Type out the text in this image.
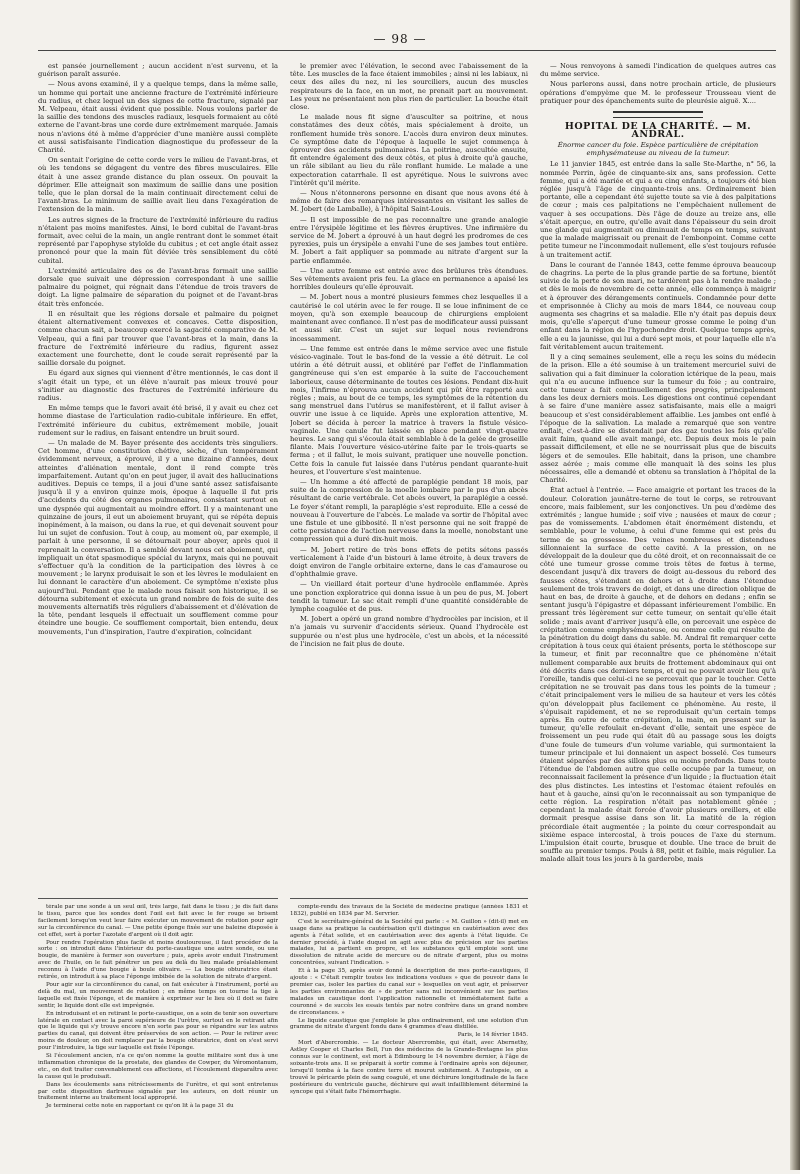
— 98 —

est pansée journellement ; aucun accident n'est survenu, et la guérison paraît assurée.

— Nous avons examiné, il y a quelque temps, dans la même salle, un homme qui portait une ancienne fracture de l'extrémité inférieure du radius, et chez lequel un des signes de cette fracture, signalé par M. Velpeau, était aussi évident que possible. Nous voulons parler de la saillie des tendons des muscles radiaux, lesquels formaient au côté externe de l'avant-bras une corde dure extrêmement marquée. Jamais nous n'avions été à même d'apprécier d'une manière aussi complète et aussi satisfaisante l'indication diagnostique du professeur de la Charité.

On sentait l'origine de cette corde vers le milieu de l'avant-bras, et où les tendons se dégagent du ventre des fibres musculaires. Elle était à une assez grande distance du plan osseux. On pouvait la déprimer. Elle atteignait son maximum de saillie dans une position telle, que le plan dorsal de la main continuait directement celui de l'avant-bras. Le minimum de saillie avait lieu dans l'exagération de l'extension de la main.

Les autres signes de la fracture de l'extrémité inférieure du radius n'étaient pas moins manifestes. Ainsi, le bord cubital de l'avant-bras formait, avec celui de la main, un angle rentrant dont le sommet était représenté par l'apophyse styloïde du cubitus ; et cet angle était assez prononcé pour que la main fût déviée très sensiblement du côté cubital.

L'extrémité articulaire des os de l'avant-bras formait une saillie dorsale que suivait une dépression correspondant à une saillie palmaire du poignet, qui régnait dans l'étendue de trois travers de doigt. La ligne palmaire de séparation du poignet et de l'avant-bras était très enfoncée.

Il en résultait que les régions dorsale et palmaire du poignet étaient alternativement convexes et concaves. Cette disposition, comme chacun sait, a beaucoup exercé la sagacité comparative de M. Velpeau, qui a fini par trouver que l'avant-bras et la main, dans la fracture de l'extrémité inférieure du radius, figurent assez exactement une fourchette, dont le coude serait représenté par la saillie dorsale du poignet.

Eu égard aux signes qui viennent d'être mentionnés, le cas dont il s'agit était un type, et un élève n'aurait pas mieux trouvé pour s'initier au diagnostic des fractures de l'extrémité inférieure du radius.

En même temps que le favori avait été brisé, il y avait eu chez cet homme diastase de l'articulation radio-cubitale inférieure. En effet, l'extrémité inférieure du cubitus, extrêmement mobile, jouait rudement sur le radius, en faisant entendre un bruit sourd.

— Un malade de M. Bayer présente des accidents très singuliers. Cet homme, d'une constitution chétive, sèche, d'un tempérament évidemment nerveux, a éprouvé, il y a une dizaine d'années, deux atteintes d'aliénation mentale, dont il rend compte très imparfaitement. Autant qu'on en peut juger, il avait des hallucinations auditives. Depuis ce temps, il a joui d'une santé assez satisfaisante jusqu'à il y a environ quinze mois, époque à laquelle il fut pris d'accidents du côté des organes pulmonaires, consistant surtout en une dyspnée qui augmentait au moindre effort. Il y a maintenant une quinzaine de jours, il eut un aboiement bruyant, qui se répéta depuis inopinément, à la maison, ou dans la rue, et qui devenait souvent pour lui un sujet de confusion. Tout à coup, au moment où, par exemple, il parlait à une personne, il se détournait pour aboyer, après quoi il reprenait la conversation. Il a semblé devant nous cet aboiement, qui impliquait un état spasmodique spécial du larynx, mais qui ne pouvait s'effectuer qu'à la condition de la participation des lèvres à ce mouvement ; le larynx produisait le son et les lèvres le modulaient en lui donnant le caractère d'un aboiement. Ce symptôme n'existe plus aujourd'hui. Pendant que le malade nous faisait son historique, il se détourna subitement et exécuta un grand nombre de fois de suite des mouvements alternatifs très réguliers d'abaissement et d'élévation de la tête, pendant lesquels il effectuait un soufflement comme pour éteindre une bougie. Ce soufflement comportait, bien entendu, deux mouvements, l'un d'inspiration, l'autre d'expiration, coïncidant

le premier avec l'élévation, le second avec l'abaissement de la tête. Les muscles de la face étaient immobiles ; ainsi ni les labiaux, ni ceux des ailes du nez, ni les sourciliers, aucun des muscles respirateurs de la face, en un mot, ne prenait part au mouvement. Les yeux ne présentaient non plus rien de particulier. La bouche était close.

Le malade nous fit signe d'ausculter sa poitrine, et nous constatâmes des deux côtés, mais spécialement à droite, un ronflement humide très sonore. L'accès dura environ deux minutes. Ce symptôme date de l'époque à laquelle le sujet commença à éprouver des accidents pulmonaires. La poitrine, auscultée ensuite, fit entendre également des deux côtés, et plus à droite qu'à gauche, un râle sibilant au lieu du râle ronflant humide. Le malade a une expectoration catarrhale. Il est apyrétique. Nous le suivrons avec l'intérêt qu'il mérite.

— Nous n'étonnerons personne en disant que nous avons été à même de faire des remarques intéressantes en visitant les salles de M. Jobert (de Lamballe), à l'hôpital Saint-Louis.

— Il est impossible de ne pas reconnaître une grande analogie entre l'érysipèle légitime et les fièvres éruptives. Une infirmière du service de M. Jobert a éprouvé à un haut degré les prodromes de ces pyrexies, puis un érysipèle a envahi l'une de ses jambes tout entière. M. Jobert a fait appliquer sa pommade au nitrate d'argent sur la partie enflammée.

— Une autre femme est entrée avec des brûlures très étendues. Ses vêtements avaient pris feu. La glace en permanence a apaisé les horribles douleurs qu'elle éprouvait.

— M. Jobert nous a montré plusieurs femmes chez lesquelles il a cautérisé le col utérin avec le fer rouge. Il se loue infiniment de ce moyen, qu'à son exemple beaucoup de chirurgiens emploient maintenant avec confiance. Il n'est pas de modificateur aussi puissant et aussi sûr. C'est un sujet sur lequel nous reviendrons incessamment.

— Une femme est entrée dans le même service avec une fistule vésico-vaginale. Tout le bas-fond de la vessie a été détruit. Le col utérin a été détruit aussi, et oblitéré par l'effet de l'inflammation gangréneuse qui s'en est emparée à la suite de l'accouchement laborieux, cause déterminante de toutes ces lésions. Pendant dix-huit mois, l'infirme n'éprouva aucun accident qui pût être rapporté aux règles ; mais, au bout de ce temps, les symptômes de la rétention du sang menstruel dans l'utérus se manifestèrent, et il fallut aviser à ouvrir une issue à ce liquide. Après une exploration attentive, M. Jobert se décida à percer la matrice à travers la fistule vésico-vaginale. Une canule fut laissée en place pendant vingt-quatre heures. Le sang qui s'écoula était semblable à de la gelée de groseille filante. Mais l'ouverture vésico-utérine faite par le trois-quarts se ferma ; et il fallut, le mois suivant, pratiquer une nouvelle ponction. Cette fois la canule fut laissée dans l'utérus pendant quarante-huit heures, et l'ouverture s'est maintenue.

— Un homme a été affecté de paraplégie pendant 18 mois, par suite de la compression de la moelle lombaire par le pus d'un abcès résultant de carie vertébrale. Cet abcès ouvert, la paraplégie a cessé. Le foyer s'étant rempli, la paraplégie s'est reproduite. Elle a cessé de nouveau à l'ouverture de l'abcès. Le malade va sortir de l'hôpital avec une fistule et une gibbosité. Il n'est personne qui ne soit frappé de cette persistance de l'action nerveuse dans la moelle, nonobstant une compression qui a duré dix-huit mois.

— M. Jobert retire de très bons effets de petits sétons passés verticalement à l'aide d'un bistouri à lame étroite, à deux travers de doigt environ de l'angle orbitaire externe, dans le cas d'amaurose ou d'ophthalmie grave.

— Un vieillard était porteur d'une hydrocèle enflammée. Après une ponction exploratrice qui donna issue à un peu de pus, M. Jobert tendit la tumeur. Le sac était rempli d'une quantité considérable de lymphe coagulée et de pus.

M. Jobert a opéré un grand nombre d'hydrocèles par incision, et il n'a jamais vu survenir d'accidents sérieux. Quand l'hydrocèle est suppurée ou n'est plus une hydrocèle, c'est un abcès, et la nécessité de l'incision ne fait plus de doute.

— Nous renvoyons à samedi l'indication de quelques autres cas du même service.

Nous parlerons aussi, dans notre prochain article, de plusieurs opérations d'empyème que M. le professeur Trousseau vient de pratiquer pour des épanchements suite de pleurésie aiguë. X....

HOPITAL DE LA CHARITÉ. — M. ANDRAL.
Énorme cancer du foie. Espèce particulière de crépitation emphysémateuse au niveau de la tumeur.

Le 11 janvier 1845, est entrée dans la salle Ste-Marthe, n° 56, la nommée Perrin, âgée de cinquante-six ans, sans profession. Cette femme, qui a été mariée et qui a eu cinq enfants, a toujours été bien réglée jusqu'à l'âge de cinquante-trois ans. Ordinairement bien portante, elle a cependant été sujette toute sa vie à des palpitations de cœur ; mais ces palpitations ne l'empêchaient nullement de vaquer à ses occupations. Dès l'âge de douze au treize ans, elle s'était aperçue, en outre, qu'elle avait dans l'épaisseur du sein droit une glande qui augmentait ou diminuait de temps en temps, suivant que la malade maigrissait ou prenait de l'embonpoint. Comme cette petite tumeur ne l'incommodait nullement, elle s'est toujours refusée à un traitement actif.

Dans le courant de l'année 1843, cette femme éprouva beaucoup de chagrins. La perte de la plus grande partie de sa fortune, bientôt suivie de la perte de son mari, ne tardèrent pas à la rendre malade ; et dès le mois de novembre de cette année, elle commença à maigrir et à éprouver des dérangements continuels. Condamnée pour dette et emprisonnée à Clichy au mois de mars 1844, ce nouveau coup augmenta ses chagrins et sa maladie. Elle n'y était pas depuis deux mois, qu'elle s'aperçut d'une tumeur grosse comme le poing d'un enfant dans la région de l'hypochondre droit. Quelque temps après, elle a eu la jaunisse, qui lui a duré sept mois, et pour laquelle elle n'a fait véritablement aucun traitement.

Il y a cinq semaines seulement, elle a reçu les soins du médecin de la prison. Elle a été soumise à un traitement mercuriel suivi de salivation qui a fait diminuer la coloration ictérique de la peau, mais qui n'a eu aucune influence sur la tumeur du foie ; au contraire, cette tumeur a fait continuellement des progrès, principalement dans les deux derniers mois. Les digestions ont continué cependant à se faire d'une manière assez satisfaisante, mais elle a maigri beaucoup et s'est considérablement affaiblie. Les jambes ont enflé à l'époque de la salivation. La malade a remarqué que son ventre enflait, c'est-à-dire se distendait par des gaz toutes les fois qu'elle avait faim, quand elle avait mangé, etc. Depuis deux mois le pain passait difficilement, et elle ne se nourrissait plus que de biscuits légers et de semoules. Elle habitait, dans la prison, une chambre assez aérée ; mais comme elle manquait là des soins les plus nécessaires, elle a demandé et obtenu sa translation à l'hôpital de la Charité.

État actuel à l'entrée. — Face amaigrie et portant les traces de la douleur. Coloration jaunâtre-terne de tout le corps, se retrouvant encore, mais faiblement, sur les conjonctives. Un peu d'œdème des extrémités ; langue humide ; soif vive ; nausées et maux de cœur ; pas de vomissements. L'abdomen était énormément distendu, et semblable, pour le volume, à celui d'une femme qui est près du terme de sa grossesse. Des veines nombreuses et distendues sillonnaient la surface de cette cavité. A la pression, on ne développait de la douleur que du côté droit, et on reconnaissait de ce côté une tumeur grosse comme trois têtes de fœtus à terme, descendant jusqu'à dix travers de doigt au-dessous du rebord des fausses côtes, s'étendant en dehors et à droite dans l'étendue seulement de trois travers de doigt, et dans une direction oblique de haut en bas, de droite à gauche, et de dehors en dedans ; enfin se sentant jusqu'à l'épigastre et dépassant inférieurement l'ombilic. En pressant très légèrement sur cette tumeur, on sentait qu'elle était solide ; mais avant d'arriver jusqu'à elle, on percevait une espèce de crépitation comme emphysémateuse, ou comme celle qui résulte de la pénétration du doigt dans du sable. M. Andral fit remarquer cette crépitation à tous ceux qui étaient présents, porta le stéthoscope sur la tumeur, et finit par reconnaître que ce phénomène n'était nullement comparable aux bruits de frottement abdominaux qui ont été décrits dans ces derniers temps, et qui ne pouvait avoir lieu qu'à l'oreille, tandis que celui-ci ne se percevait que par le toucher. Cette crépitation ne se trouvait pas dans tous les points de la tumeur ; c'était principalement vers le milieu de sa hauteur et vers les côtés qu'on développait plus facilement ce phénomène. Au reste, il s'épuisait rapidement, et ne se reproduisait qu'un certain temps après. En outre de cette crépitation, la main, en pressant sur la tumeur, qu'elle refoulait en-devant d'elle, sentait une espèce de froissement un peu rude qui était dû au passage sous les doigts d'une foule de tumeurs d'un volume variable, qui surmontaient la tumeur principale et lui donnaient un aspect bosselé. Ces tumeurs étaient séparées par des sillons plus ou moins profonds. Dans toute l'étendue de l'abdomen autre que celle occupée par la tumeur, on reconnaissait facilement la présence d'un liquide ; la fluctuation était des plus distinctes. Les intestins et l'estomac étaient refoulés en haut et à gauche, ainsi qu'on le reconnaissait au son tympanique de cette région. La respiration n'était pas notablement gênée ; cependant la malade était forcée d'avoir plusieurs oreillers, et elle dormait presque assise dans son lit. La matité de la région précordiale était augmentée ; la pointe du cœur correspondait au sixième espace intercostal, à trois pouces de l'axe du sternum. L'impulsion était courte, brusque et double. Une trace de bruit de souffle au premier temps. Pouls à 88, petit et faible, mais régulier. La malade allait tous les jours à la garderobe, mais

térale par une sonde à un seul œil, très large, fait dans le tissu ; je dis fait dans le tissu, parce que les sondes dont l'œil est fait avec le fer rouge se brisent facilement lorsqu'on veut leur faire exécuter un mouvement de rotation pour agir sur la circonférence du canal. — Une petite éponge fixée sur une baleine disposée à cet effet, sert à porter l'azotate d'argent où il doit agir.

Pour rendre l'opération plus facile et moins douloureuse, il faut procéder de la sorte : on introduit dans l'intérieur du porte-caustique une autre sonde, ou une bougie, de manière à fermer son ouverture ; puis, après avoir enduit l'instrument avec de l'huile, on le fait pénétrer un peu au delà du lieu malade préalablement reconnu à l'aide d'une bougie à boule olivaire. — La bougie obturatrice étant retirée, on introduit à sa place l'éponge imbibée de la solution de nitrate d'argent.

Pour agir sur la circonférence du canal, on fait exécuter à l'instrument, porté au delà du mal, un mouvement de rotation ; en même temps on tourne la tige à laquelle est fixée l'éponge, et de manière à exprimer sur le lieu où il doit se faire sentir, le liquide dont elle est imprégnée.

En introduisant et en retirant le porte-caustique, on a soin de tenir son ouverture latérale en contact avec la paroi supérieure de l'urètre, surtout en le retirant afin que le liquide qui s'y trouve encore n'en sorte pas pour se répandre sur les autres parties du canal, qui doivent être préservées de son action. — Pour le retirer avec moins de douleur, on doit remplacer par la bougie obturatrice, dont on s'est servi pour l'introduire, la tige sur laquelle est fixée l'éponge.

Si l'écoulement ancien, n'a ce qu'on nomme la goutte militaire sont dus à une inflammation chronique de la prostate, des glandes de Cowper, du Véromontanum, etc., on doit traiter convenablement ces affections, et l'écoulement disparaîtra avec la cause qui le produisait.

Dans les écoulements sans rétrécissements de l'urètre, et qui sont entretenus par cette disposition darlreuse signalée par les auteurs, on doit réunir un traitement interne au traitement local approprié.

Je terminerai cette note en rapportant ce qu'on lit à la page 31 du

compte-rendu des travaux de la Société de médecine pratique (années 1831 et 1832), publié en 1834 par M. Servrier.

C'est le secrétaire-général de la Société qui parle : « M. Guillon » (dit-il) met en usage dans sa pratique la cautérisation qu'il distingue en cautérisation avec des agents à l'état solide, et en cautérisation avec des agents à l'état liquide. Ce dernier procédé, à l'aide duquel on agit avec plus de précision sur les parties malades, lui a partient en propre, et les substances qu'il emploie sont une dissolution de nitrate acide de mercure ou de nitrate d'argent, plus ou moins concentrées, suivant l'indication. »

Et à la page 35, après avoir donné la description de mes porte-caustiques, il ajoute : « C'était remplir toutes les indications voulues » que de pouvoir dans le premier cas, isoler les parties du canal sur » lesquelles on veut agir, et préserver les parties environnantes de » de porter sans nul inconvénient sur les parties malades un caustique dont l'application rationnelle et immédiatement faite a couronné » de succès les essais tentés par notre confrère dans un grand nombre de circonstances. »

Le liquide caustique que j'emploie le plus ordinairement, est une solution d'un gramme de nitrate d'argent fondu dans 4 grammes d'eau distillée.

Paris, le 14 février 1845.

Mort d'Abercrombie. — Le docteur Abercrombie, qui était, avec Abernethy, Astley Cooper et Charles Bell, l'un des médecins de la Grande-Bretagne les plus connus sur le continent, est mort à Edimbourg le 14 novembre dernier, à l'âge de soixante-trois ans. Il se préparait à sortir comme à l'ordinaire après son déjeuner, lorsqu'il tomba à la face contre terre et mourut subitement. A l'autopsie, on a trouvé le péricarde plein de sang coagulé, et une déchirure longitudinale de la face postérieure du ventricule gauche, déchirure qui avait infailliblement déterminé la syncope qui s'était faite l'hémorrhagie.
